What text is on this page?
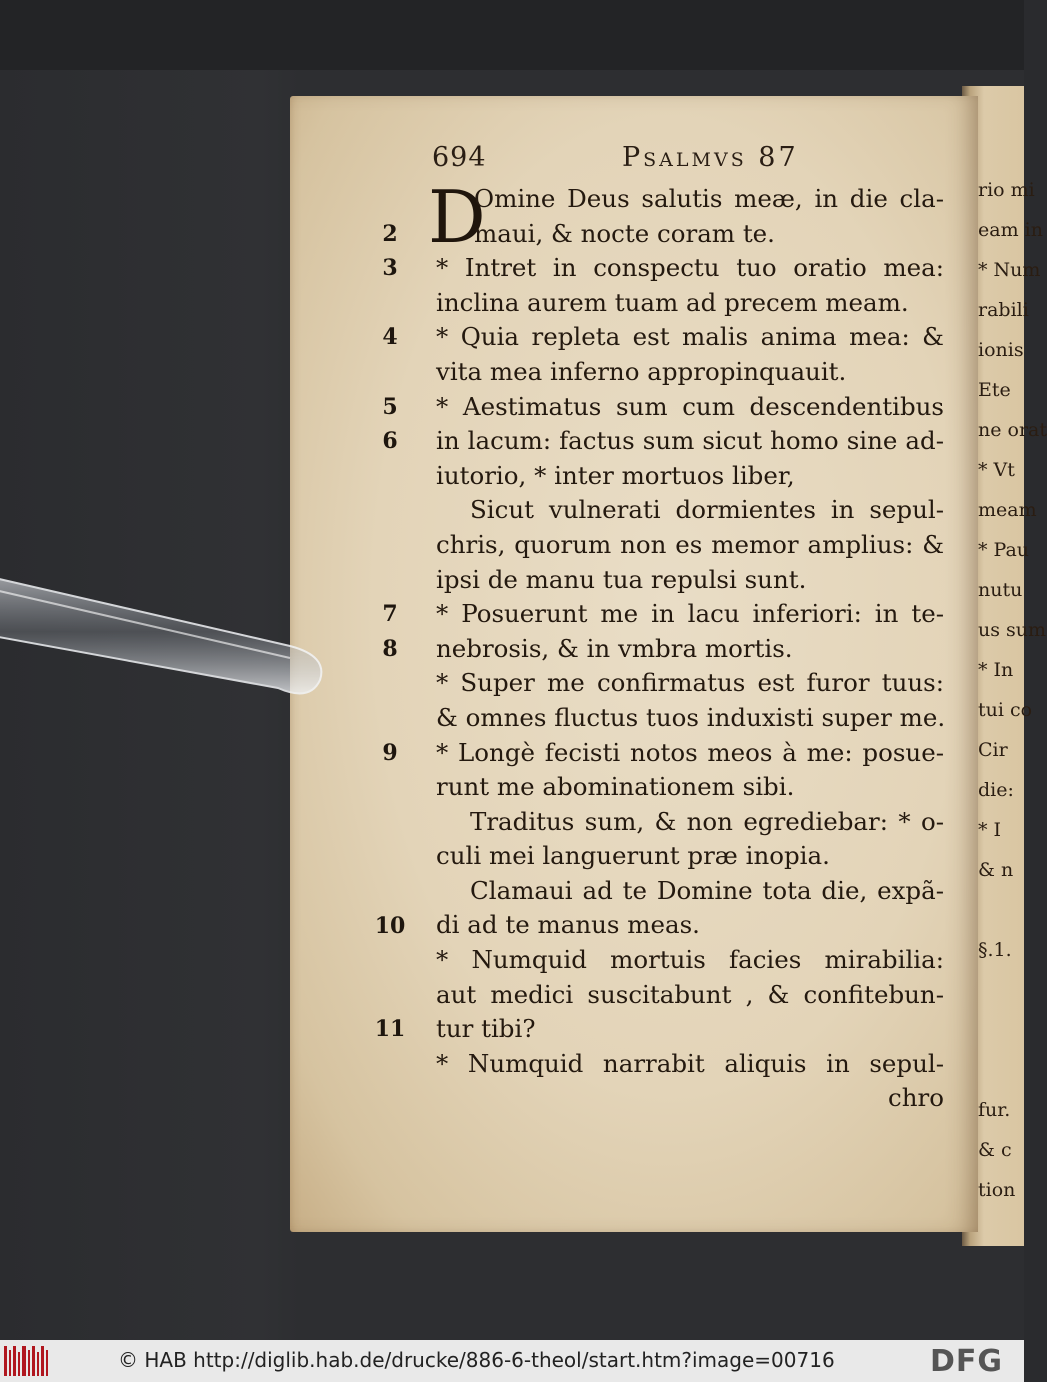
rio mi
eam in
* Num
rabili
ionis
Ete
ne orat
* Vt
meam
* Pau
nutu
us sum
* In
tui co
Cir
die:
* I
& n

§.1.

fur.
& c
tion
694	Psalmvs 87
D
Omine Deus salutis meæ, in die cla-
maui, & nocte coram te.
* Intret in conspectu tuo oratio mea:
inclina aurem tuam ad precem meam.
* Quia repleta est malis anima mea: &
vita mea inferno appropinquauit.
* Aestimatus sum cum descendentibus
in lacum: factus sum sicut homo sine ad-
iutorio, * inter mortuos liber,
Sicut vulnerati dormientes in sepul-
chris, quorum non es memor amplius: &
ipsi de manu tua repulsi sunt.
* Posuerunt me in lacu inferiori: in te-
nebrosis, & in vmbra mortis.
* Super me confirmatus est furor tuus:
& omnes fluctus tuos induxisti super me.
* Longè fecisti notos meos à me: posue-
runt me abominationem sibi.
Traditus sum, & non egrediebar: * o-
culi mei languerunt præ inopia.
Clamaui ad te Domine tota die, expã-
di ad te manus meas.
* Numquid mortuis facies mirabilia:
aut medici suscitabunt , & confitebun-
tur tibi?
* Numquid narrabit aliquis in sepul-
chro
2
3
4
5
6
7
8
9
10
11
© HAB http://diglib.hab.de/drucke/886-6-theol/start.htm?image=00716	DFG
